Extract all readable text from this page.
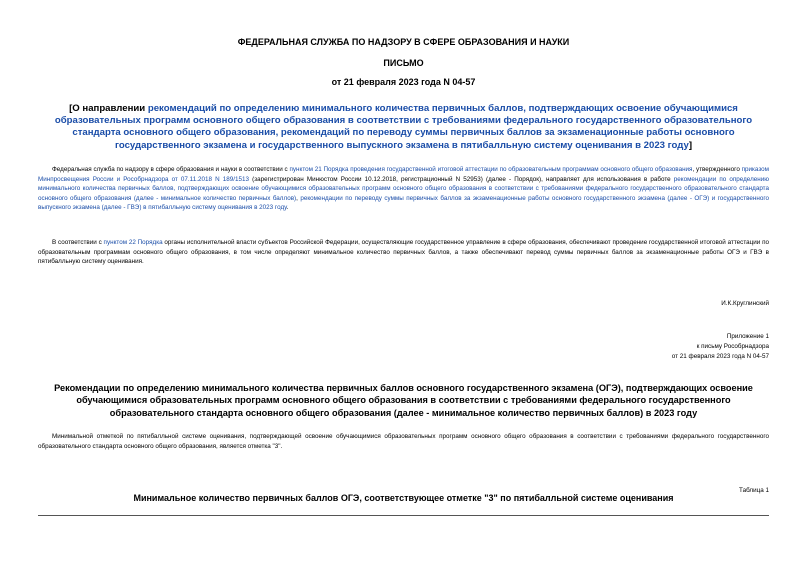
ФЕДЕРАЛЬНАЯ СЛУЖБА ПО НАДЗОРУ В СФЕРЕ ОБРАЗОВАНИЯ И НАУКИ
ПИСЬМО
от 21 февраля 2023 года N 04-57
[О направлении рекомендаций по определению минимального количества первичных баллов, подтверждающих освоение обучающимися образовательных программ основного общего образования в соответствии с требованиями федерального государственного образовательного стандарта основного общего образования, рекомендаций по переводу суммы первичных баллов за экзаменационные работы основного государственного экзамена и государственного выпускного экзамена в пятибалльную систему оценивания в 2023 году]
Федеральная служба по надзору в сфере образования и науки в соответствии с пунктом 21 Порядка проведения государственной итоговой аттестации по образовательным программам основного общего образования, утвержденного приказом Минпросвещения России и Рособрнадзора от 07.11.2018 N 189/1513 (зарегистрирован Минюстом России 10.12.2018, регистрационный N 52953) (далее - Порядок), направляет для использования в работе рекомендации по определению минимального количества первичных баллов, подтверждающих освоение обучающимися образовательных программ основного общего образования в соответствии с требованиями федерального государственного образовательного стандарта основного общего образования (далее - минимальное количество первичных баллов), рекомендации по переводу суммы первичных баллов за экзаменационные работы основного государственного экзамена (далее - ОГЭ) и государственного выпускного экзамена (далее - ГВЭ) в пятибалльную систему оценивания в 2023 году.
В соответствии с пунктом 22 Порядка органы исполнительной власти субъектов Российской Федерации, осуществляющие государственное управление в сфере образования, обеспечивают проведение государственной итоговой аттестации по образовательным программам основного общего образования, в том числе определяют минимальное количество первичных баллов, а также обеспечивают перевод суммы первичных баллов за экзаменационные работы ОГЭ и ГВЭ в пятибалльную систему оценивания.
И.К.Круглинский
Приложение 1
к письму Рособрнадзора
от 21 февраля 2023 года N 04-57
Рекомендации по определению минимального количества первичных баллов основного государственного экзамена (ОГЭ), подтверждающих освоение обучающимися образовательных программ основного общего образования в соответствии с требованиями федерального государственного образовательного стандарта основного общего образования (далее - минимальное количество первичных баллов) в 2023 году
Минимальной отметкой по пятибалльной системе оценивания, подтверждающей освоение обучающимися образовательных программ основного общего образования в соответствии с требованиями федерального государственного образовательного стандарта основного общего образования, является отметка "3".
Таблица 1
Минимальное количество первичных баллов ОГЭ, соответствующее отметке "3" по пятибалльной системе оценивания
